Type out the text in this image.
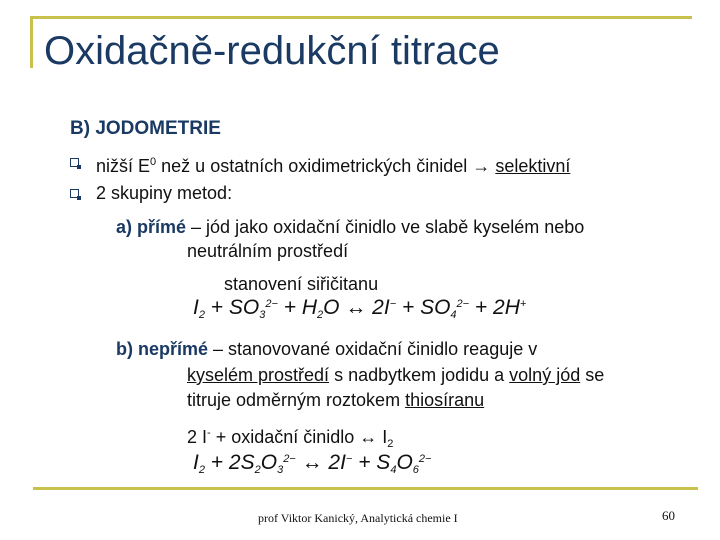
Oxidačně-redukční titrace
B) JODOMETRIE
nižší $E^0$ než u ostatních oxidimetrických činidel → selektivní
2 skupiny metod:
a) přímé – jód jako oxidační činidlo ve slabě kyselém nebo
neutrálním prostředí
stanovení siřičitanu
$I_2 + SO_3^{2-} + H_2O$ ↔ $2I^- + SO_4^{2-} + 2H^+$
b) nepřímé – stanovované oxidační činidlo reaguje v
kyselém prostředí s nadbytkem jodidu a volný jód se
titruje odměrným roztokem thiosíranu
2 I- + oxidační činidlo ↔ $I_2$
$I_2 + 2S_2O_3^{2-}$ ↔ $2I^- + S_4O_6^{2-}$
prof Viktor Kanický, Analytická chemie I	60
